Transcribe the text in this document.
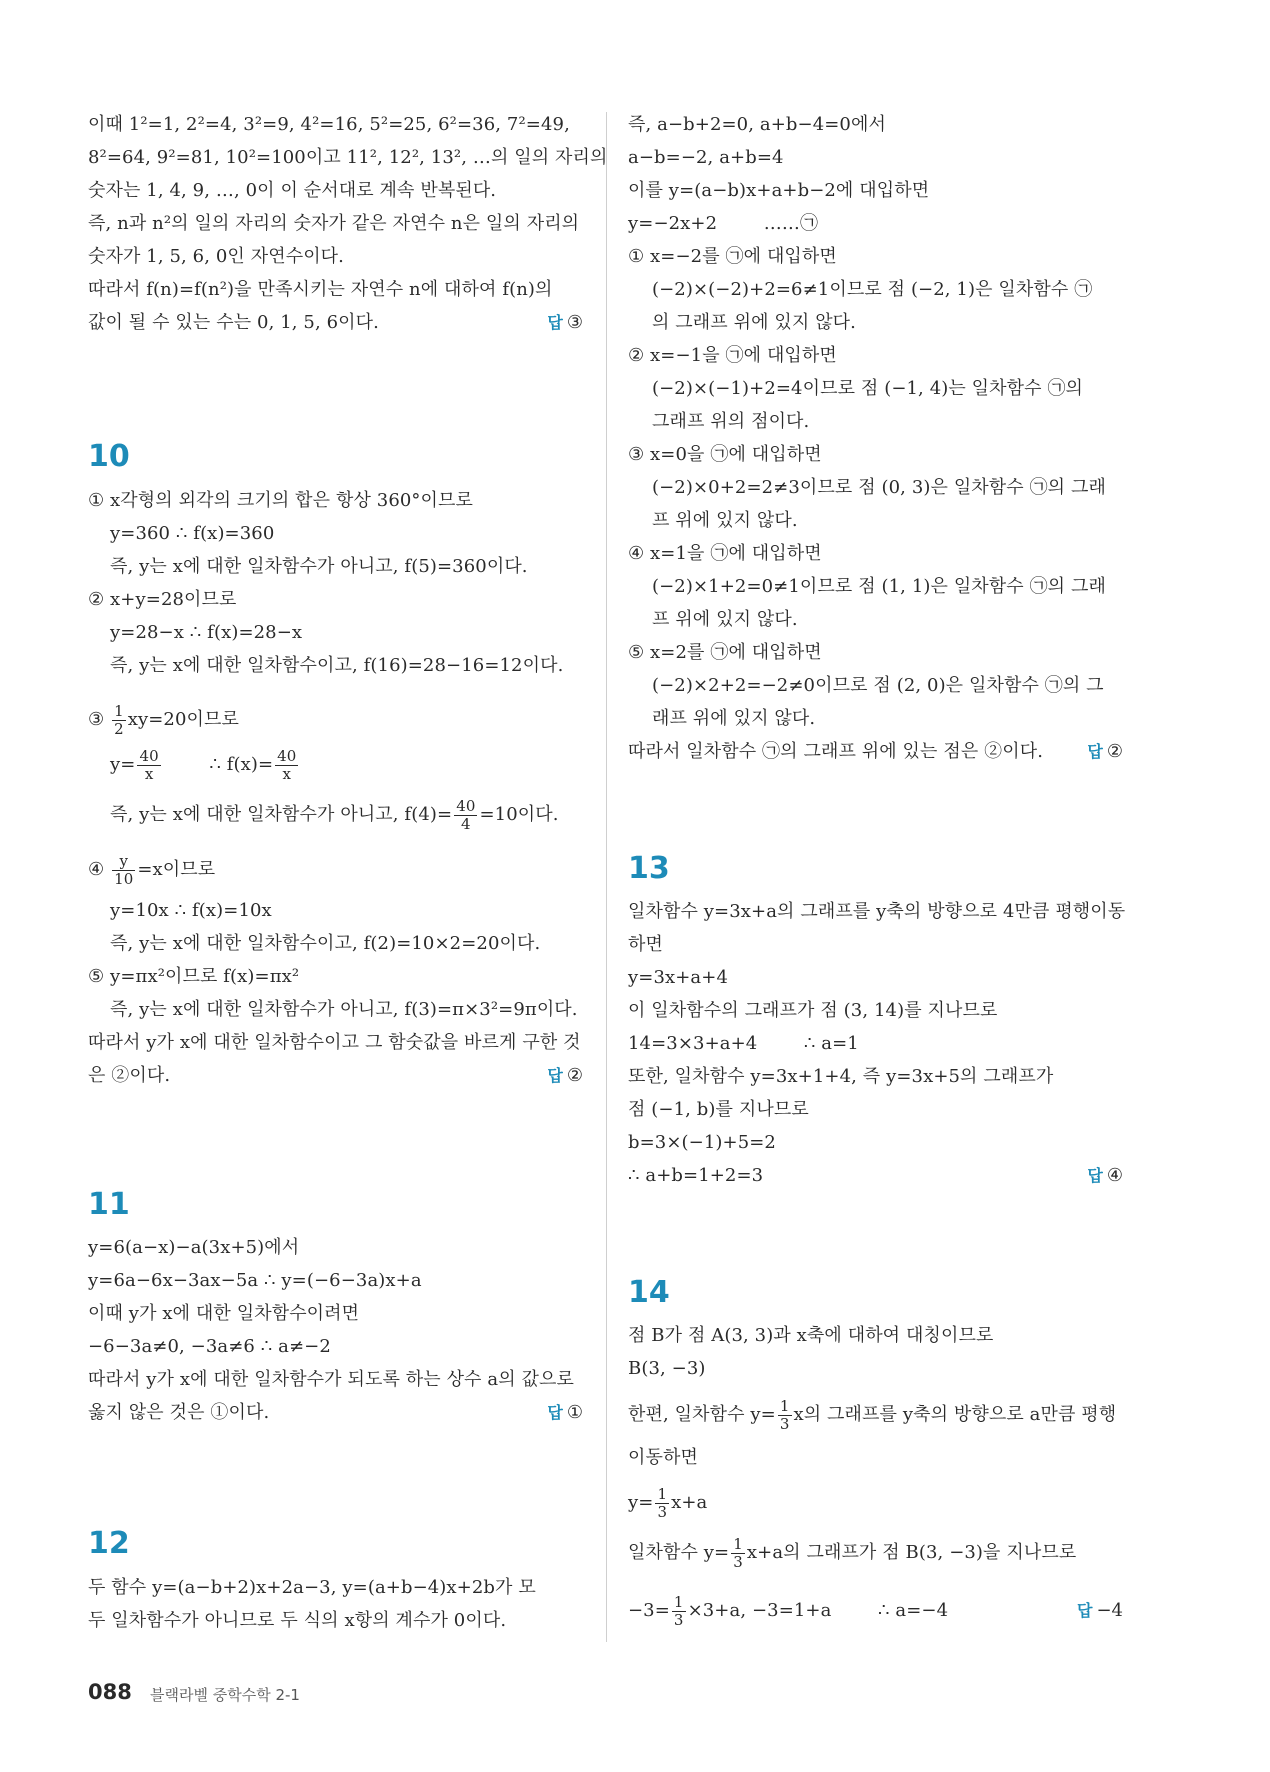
이때 1²=1, 2²=4, 3²=9, 4²=16, 5²=25, 6²=36, 7²=49,
8²=64, 9²=81, 10²=100이고 11², 12², 13², …의 일의 자리의
숫자는 1, 4, 9, …, 0이 이 순서대로 계속 반복된다.
즉, n과 n²의 일의 자리의 숫자가 같은 자연수 n은 일의 자리의
숫자가 1, 5, 6, 0인 자연수이다.
따라서 f(n)=f(n²)을 만족시키는 자연수 n에 대하여 f(n)의
값이 될 수 있는 수는 0, 1, 5, 6이다.	답 ③
10
① x각형의 외각의 크기의 합은 항상 360°이므로
y=360 ∴ f(x)=360
즉, y는 x에 대한 일차함수가 아니고, f(5)=360이다.
② x+y=28이므로
y=28−x ∴ f(x)=28−x
즉, y는 x에 대한 일차함수이고, f(16)=28−16=12이다.
③ $\frac{1}{2} xy=20$이므로
$y= \frac{40}{x}$ ∴ $f(x)= \frac{40}{x}$
즉, y는 x에 대한 일차함수가 아니고, $f(4)= \frac{40}{4} =10$이다.
④ $\frac{y}{10} =x$이므로
y=10x ∴ f(x)=10x
즉, y는 x에 대한 일차함수이고, f(2)=10×2=20이다.
⑤ y=πx²이므로 f(x)=πx²
즉, y는 x에 대한 일차함수가 아니고, f(3)=π×3²=9π이다.
따라서 y가 x에 대한 일차함수이고 그 함숫값을 바르게 구한 것
은 ②이다.	답 ②
11
y=6(a−x)−a(3x+5)에서
y=6a−6x−3ax−5a ∴ y=(−6−3a)x+a
이때 y가 x에 대한 일차함수이려면
−6−3a≠0, −3a≠6 ∴ a≠−2
따라서 y가 x에 대한 일차함수가 되도록 하는 상수 a의 값으로
옳지 않은 것은 ①이다.	답 ①
12
두 함수 y=(a−b+2)x+2a−3, y=(a+b−4)x+2b가 모
두 일차함수가 아니므로 두 식의 x항의 계수가 0이다.
즉, a−b+2=0, a+b−4=0에서
a−b=−2, a+b=4
이를 y=(a−b)x+a+b−2에 대입하면
y=−2x+2        ……㉠
① x=−2를 ㉠에 대입하면
(−2)×(−2)+2=6≠1이므로 점 (−2, 1)은 일차함수 ㉠
의 그래프 위에 있지 않다.
② x=−1을 ㉠에 대입하면
(−2)×(−1)+2=4이므로 점 (−1, 4)는 일차함수 ㉠의
그래프 위의 점이다.
③ x=0을 ㉠에 대입하면
(−2)×0+2=2≠3이므로 점 (0, 3)은 일차함수 ㉠의 그래
프 위에 있지 않다.
④ x=1을 ㉠에 대입하면
(−2)×1+2=0≠1이므로 점 (1, 1)은 일차함수 ㉠의 그래
프 위에 있지 않다.
⑤ x=2를 ㉠에 대입하면
(−2)×2+2=−2≠0이므로 점 (2, 0)은 일차함수 ㉠의 그
래프 위에 있지 않다.
따라서 일차함수 ㉠의 그래프 위에 있는 점은 ②이다.	답 ②
13
일차함수 y=3x+a의 그래프를 y축의 방향으로 4만큼 평행이동
하면
y=3x+a+4
이 일차함수의 그래프가 점 (3, 14)를 지나므로
14=3×3+a+4        ∴ a=1
또한, 일차함수 y=3x+1+4, 즉 y=3x+5의 그래프가
점 (−1, b)를 지나므로
b=3×(−1)+5=2
∴ a+b=1+2=3	답 ④
14
점 B가 점 A(3, 3)과 x축에 대하여 대칭이므로
B(3, −3)
한편, 일차함수 $y= \frac{1}{3}$ x의 그래프를 y축의 방향으로 a만큼 평행
이동하면
$y= \frac{1}{3} x+a$
일차함수 $y= \frac{1}{3} x+a$의 그래프가 점 B(3, −3)을 지나므로
$-3= \frac{1}{3} \times 3+a$, −3=1+a        ∴ a=−4	답 −4
088 블랙라벨 중학수학 2-1
